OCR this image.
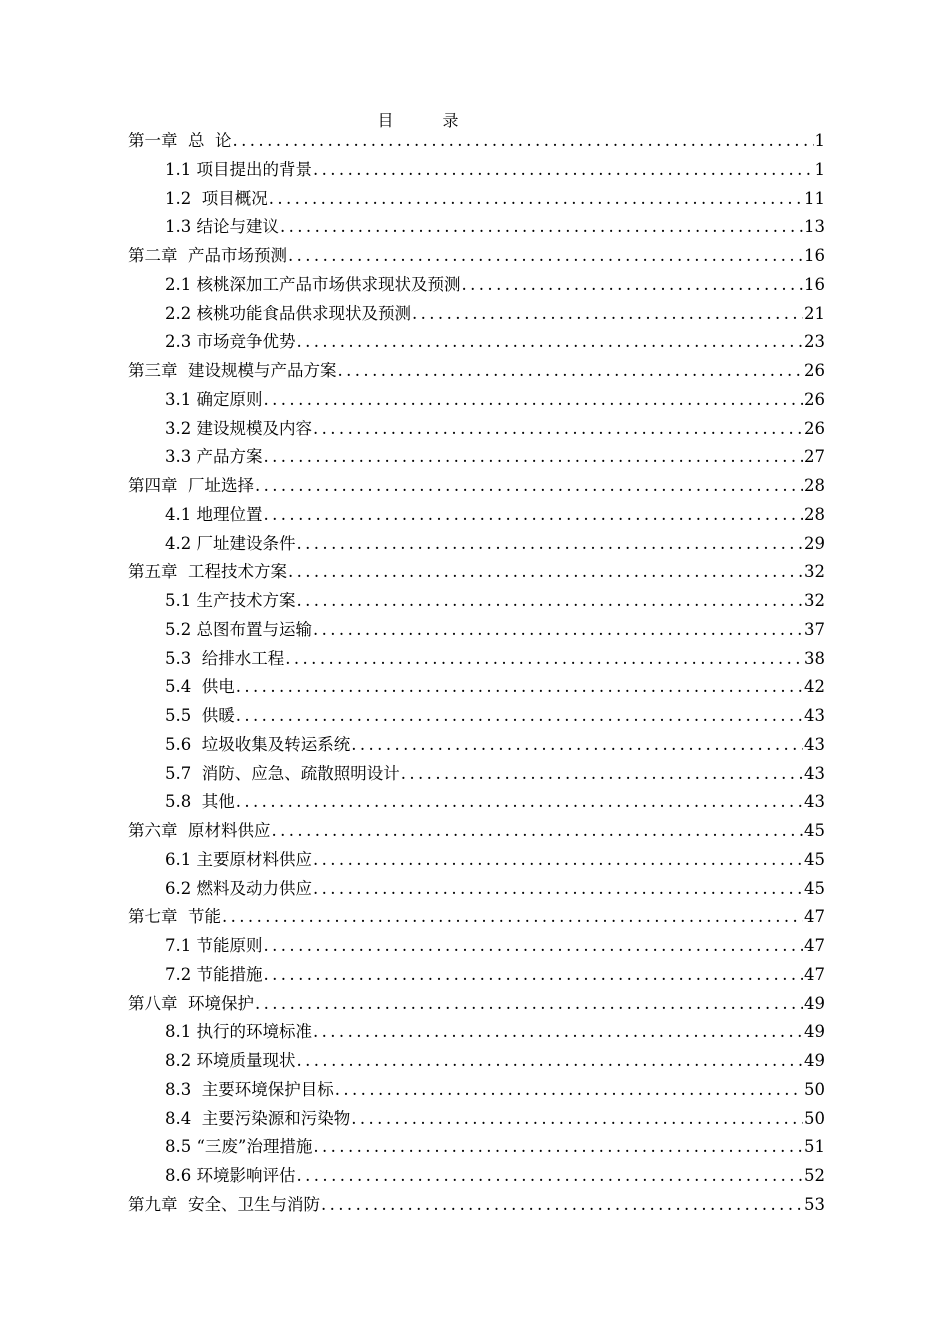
目 录
第一章  总  论 .....	1
1.1 项目提出的背景 .....	1
1.2  项目概况 .....	11
1.3 结论与建议 .....	13
第二章  产品市场预测 .....	16
2.1 核桃深加工产品市场供求现状及预测 .....	16
2.2 核桃功能食品供求现状及预测 .....	21
2.3 市场竞争优势 .....	23
第三章  建设规模与产品方案 .....	26
3.1 确定原则 .....	26
3.2 建设规模及内容 .....	26
3.3 产品方案 .....	27
第四章  厂址选择 .....	28
4.1 地理位置 .....	28
4.2 厂址建设条件 .....	29
第五章  工程技术方案 .....	32
5.1 生产技术方案 .....	32
5.2 总图布置与运输 .....	37
5.3  给排水工程 .....	38
5.4  供电 .....	42
5.5  供暖 .....	43
5.6  垃圾收集及转运系统 .....	43
5.7  消防、应急、疏散照明设计 .....	43
5.8  其他 .....	43
第六章  原材料供应 .....	45
6.1 主要原材料供应 .....	45
6.2 燃料及动力供应 .....	45
第七章  节能 .....	47
7.1 节能原则 .....	47
7.2 节能措施 .....	47
第八章  环境保护 .....	49
8.1 执行的环境标准 .....	49
8.2 环境质量现状 .....	49
8.3  主要环境保护目标 .....	50
8.4  主要污染源和污染物 .....	50
8.5 “三废”治理措施 .....	51
8.6 环境影响评估 .....	52
第九章  安全、卫生与消防 .....	53
